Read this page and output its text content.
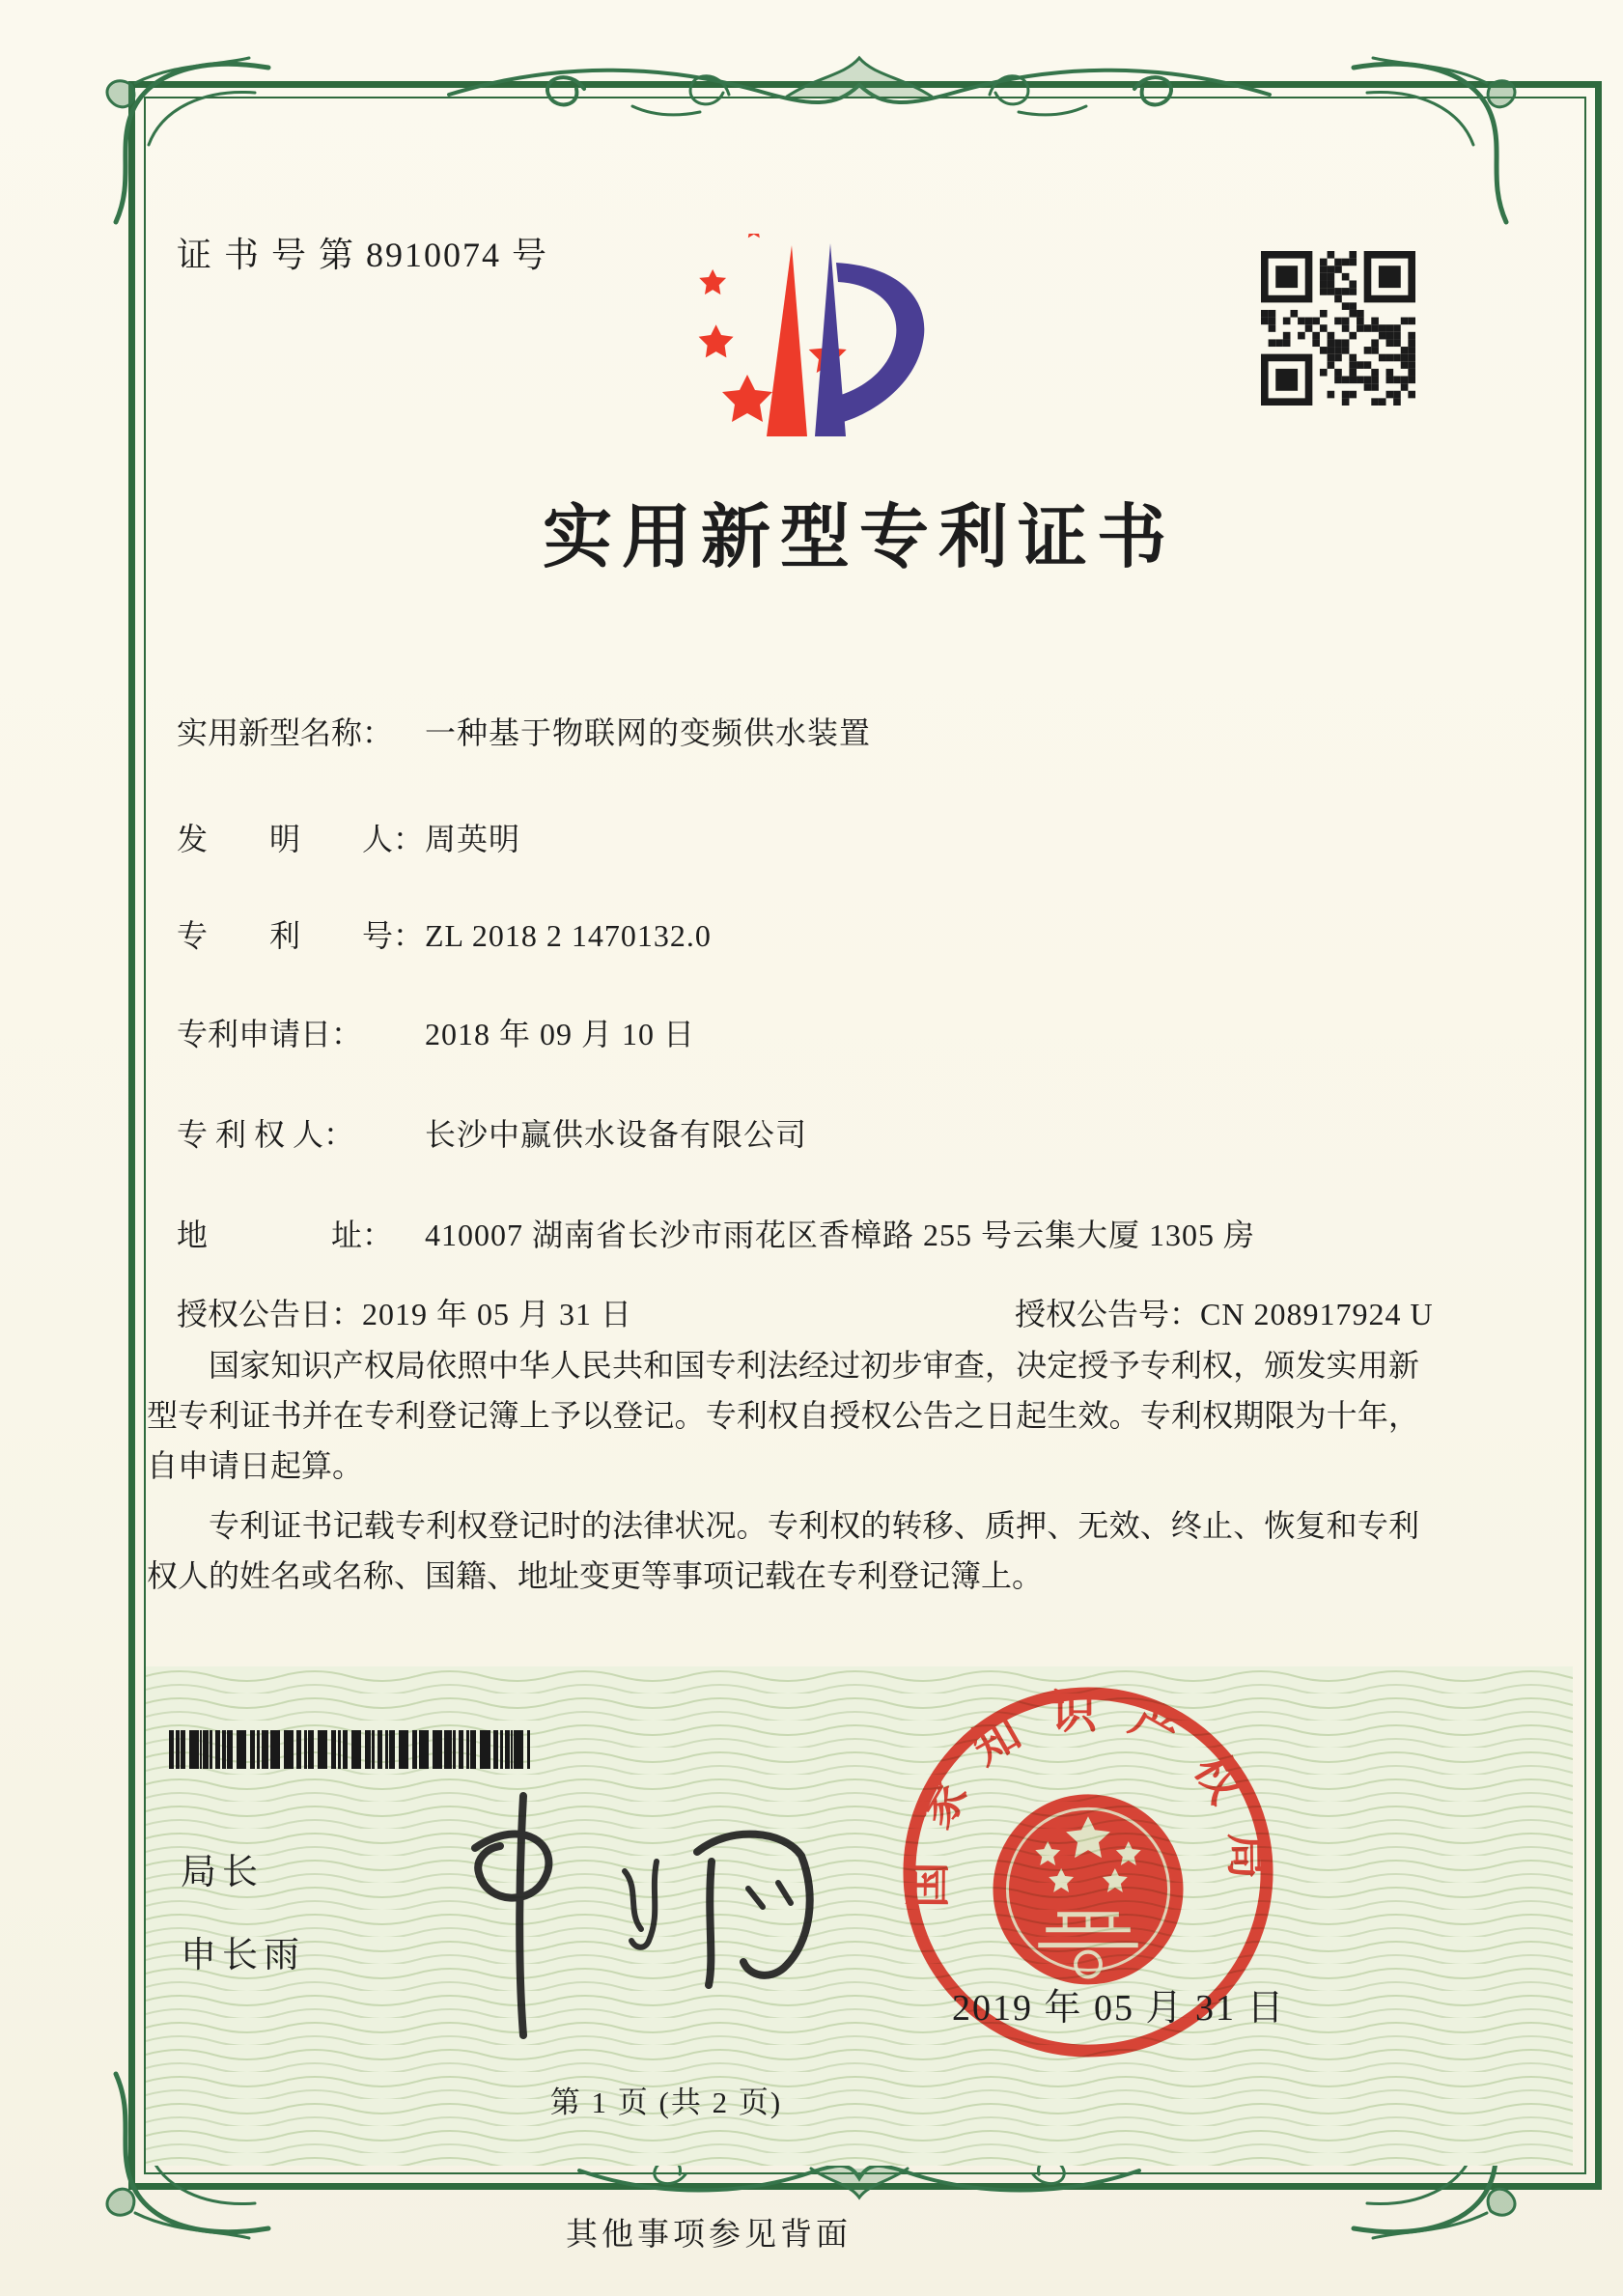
证 书 号 第 8910074 号
实用新型专利证书
实用新型名称： 一种基于物联网的变频供水装置
发　　明　　人：周英明
专　　利　　号：ZL 2018 2 1470132.0
专利申请日： 2018 年 09 月 10 日
专 利 权 人： 长沙中赢供水设备有限公司
地　　　　址： 410007 湖南省长沙市雨花区香樟路 255 号云集大厦 1305 房
授权公告日：2019 年 05 月 31 日	授权公告号：CN 208917924 U

国家知识产权局依照中华人民共和国专利法经过初步审查，决定授予专利权，颁发实用新型专利证书并在专利登记簿上予以登记。专利权自授权公告之日起生效。专利权期限为十年，自申请日起算。

专利证书记载专利权登记时的法律状况。专利权的转移、质押、无效、终止、恢复和专利权人的姓名或名称、国籍、地址变更等事项记载在专利登记簿上。

局长
申长雨
国家知识产权局
2019 年 05 月 31 日
第 1 页 (共 2 页)
其他事项参见背面
